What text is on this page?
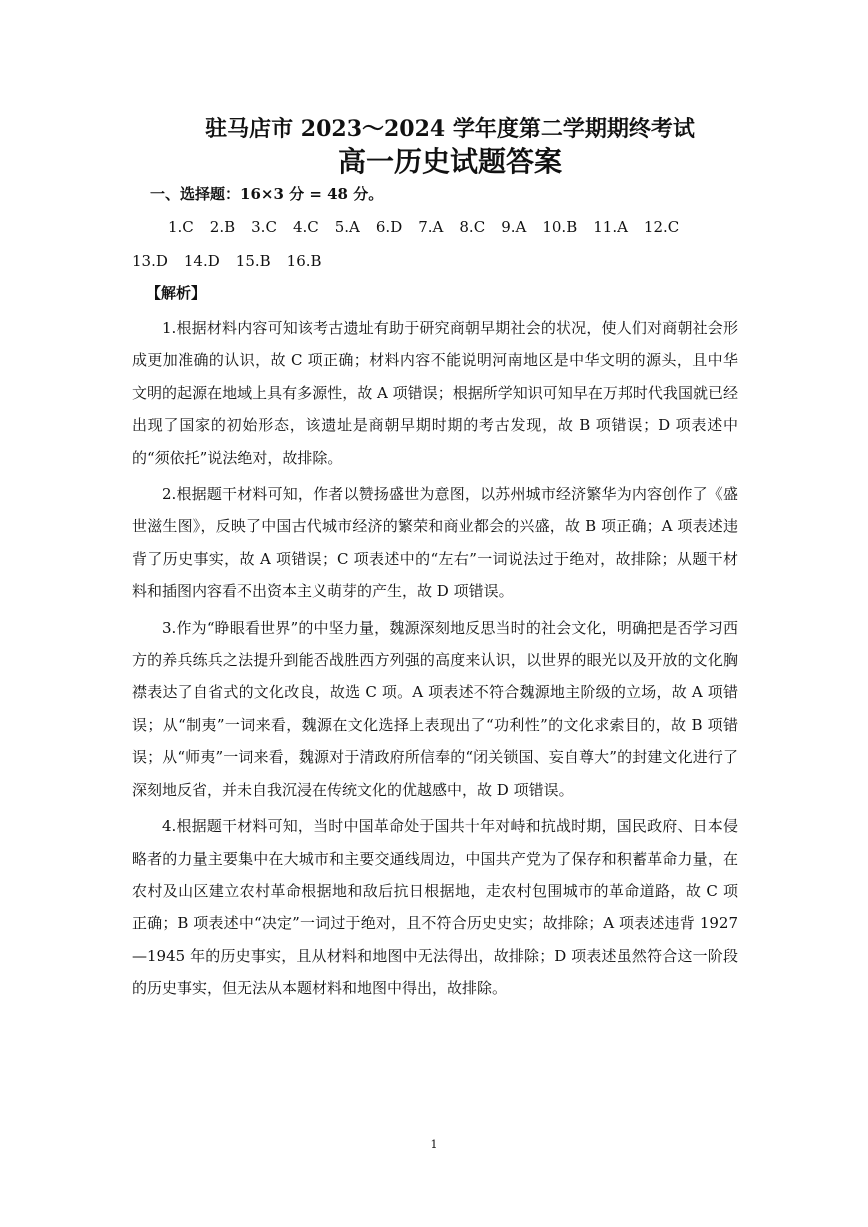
驻马店市 2023～2024 学年度第二学期期终考试
高一历史试题答案
一、选择题：16×3 分 = 48 分。
1.C 2.B 3.C 4.C 5.A 6.D 7.A 8.C 9.A 10.B 11.A 12.C
13.D 14.D 15.B 16.B
【解析】

1.根据材料内容可知该考古遗址有助于研究商朝早期社会的状况，使人们对商朝社会形成更加准确的认识，故 C 项正确；材料内容不能说明河南地区是中华文明的源头，且中华文明的起源在地域上具有多源性，故 A 项错误；根据所学知识可知早在万邦时代我国就已经出现了国家的初始形态，该遗址是商朝早期时期的考古发现，故 B 项错误；D 项表述中的“须依托”说法绝对，故排除。

2.根据题干材料可知，作者以赞扬盛世为意图，以苏州城市经济繁华为内容创作了《盛世滋生图》，反映了中国古代城市经济的繁荣和商业都会的兴盛，故 B 项正确；A 项表述违背了历史事实，故 A 项错误；C 项表述中的“左右”一词说法过于绝对，故排除；从题干材料和插图内容看不出资本主义萌芽的产生，故 D 项错误。

3.作为“睁眼看世界”的中坚力量，魏源深刻地反思当时的社会文化，明确把是否学习西方的养兵练兵之法提升到能否战胜西方列强的高度来认识，以世界的眼光以及开放的文化胸襟表达了自省式的文化改良，故选 C 项。A 项表述不符合魏源地主阶级的立场，故 A 项错误；从“制夷”一词来看，魏源在文化选择上表现出了“功利性”的文化求索目的，故 B 项错误；从“师夷”一词来看，魏源对于清政府所信奉的“闭关锁国、妄自尊大”的封建文化进行了深刻地反省，并未自我沉浸在传统文化的优越感中，故 D 项错误。

4.根据题干材料可知，当时中国革命处于国共十年对峙和抗战时期，国民政府、日本侵略者的力量主要集中在大城市和主要交通线周边，中国共产党为了保存和积蓄革命力量，在农村及山区建立农村革命根据地和敌后抗日根据地，走农村包围城市的革命道路，故 C 项正确；B 项表述中“决定”一词过于绝对，且不符合历史史实；故排除；A 项表述违背 1927—1945 年的历史事实，且从材料和地图中无法得出，故排除；D 项表述虽然符合这一阶段的历史事实，但无法从本题材料和地图中得出，故排除。

1
